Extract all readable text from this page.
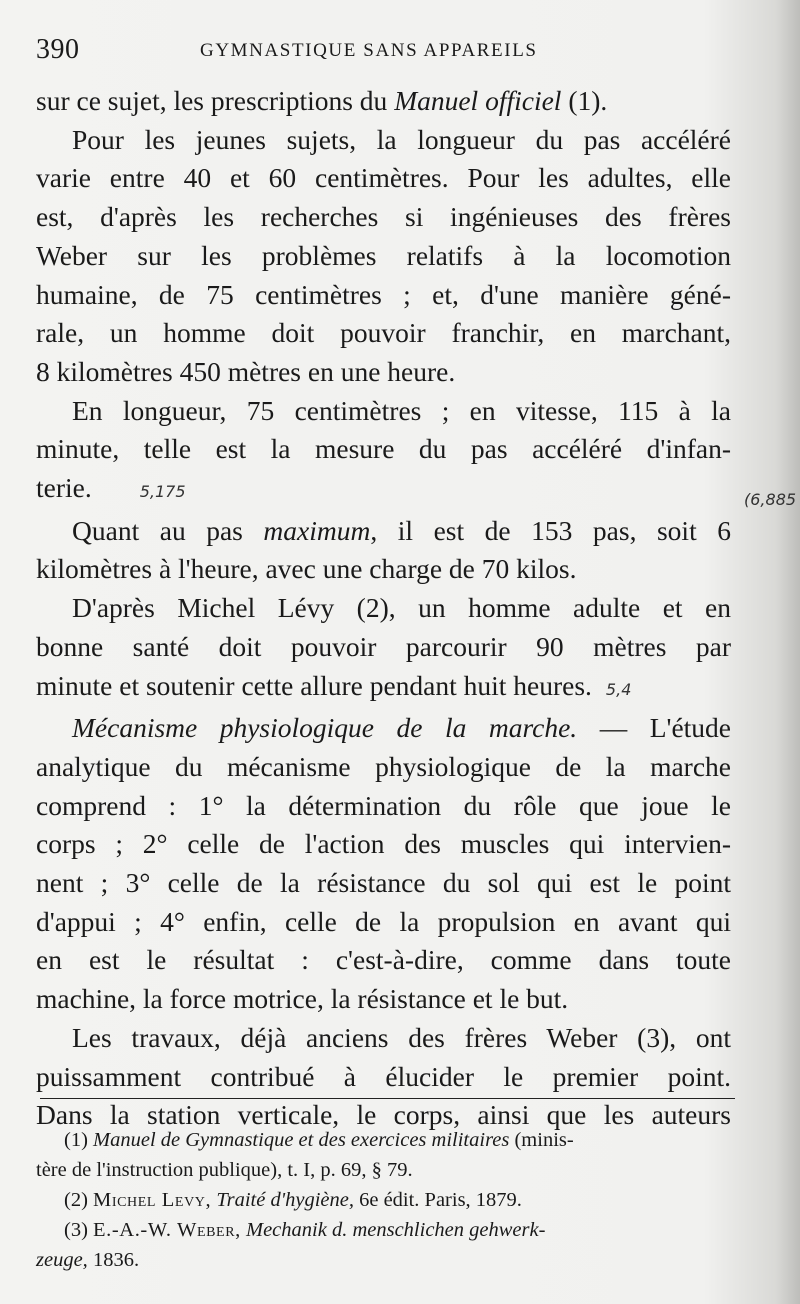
390	GYMNASTIQUE SANS APPAREILS

sur ce sujet, les prescriptions du Manuel officiel (1).

Pour les jeunes sujets, la longueur du pas accéléré

varie entre 40 et 60 centimètres. Pour les adultes, elle
est, d'après les recherches si ingénieuses des frères
Weber sur les problèmes relatifs à la locomotion
humaine, de 75 centimètres ; et, d'une manière géné-
rale, un homme doit pouvoir franchir, en marchant,
8 kilomètres 450 mètres en une heure.

En longueur, 75 centimètres ; en vitesse, 115 à la

minute, telle est la mesure du pas accéléré d'infan-
terie.	5,175

Quant au pas maximum, il est de 153 pas, soit 6

kilomètres à l'heure, avec une charge de 70 kilos.

D'après Michel Lévy (2), un homme adulte et en

bonne santé doit pouvoir parcourir 90 mètres par
minute et soutenir cette allure pendant huit heures. 5,4

Mécanisme physiologique de la marche. — L'étude

analytique du mécanisme physiologique de la marche
comprend : 1° la détermination du rôle que joue le
corps ; 2° celle de l'action des muscles qui intervien-
nent ; 3° celle de la résistance du sol qui est le point
d'appui ; 4° enfin, celle de la propulsion en avant qui
en est le résultat : c'est-à-dire, comme dans toute
machine, la force motrice, la résistance et le but.

Les travaux, déjà anciens des frères Weber (3), ont

puissamment contribué à élucider le premier point.
Dans la station verticale, le corps, ainsi que les auteurs

(6,885

(1) Manuel de Gymnastique et des exercices militaires (minis-

tère de l'instruction publique), t. I, p. 69, § 79.

(2) Michel Levy, Traité d'hygiène, 6e édit. Paris, 1879.

(3) E.-A.-W. Weber, Mechanik d. menschlichen gehwerk-

zeuge, 1836.
